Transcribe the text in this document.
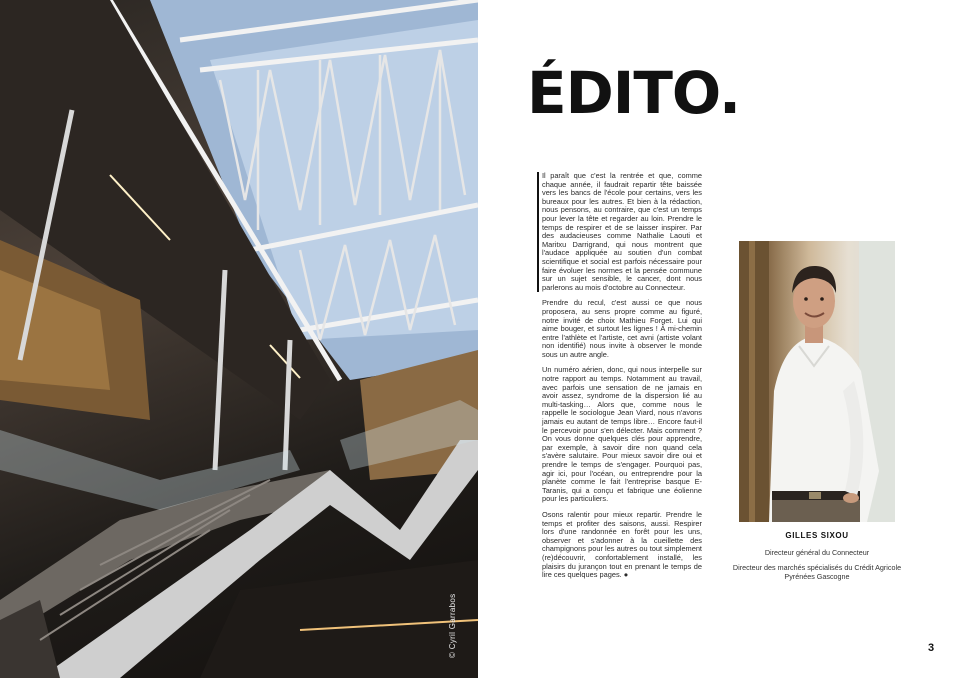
© Cyril Garrabos
ÉDITO.

Il paraît que c'est la rentrée et que, comme chaque année, il faudrait repartir tête baissée vers les bancs de l'école pour certains, vers les bureaux pour les autres. Et bien à la rédaction, nous pensons, au contraire, que c'est un temps pour lever la tête et regarder au loin. Prendre le temps de respirer et de se laisser inspirer. Par des audacieuses comme Nathalie Laouti et Maritxu Darrigrand, qui nous montrent que l'audace appliquée au soutien d'un combat scientifique et social est parfois nécessaire pour faire évoluer les normes et la pensée commune sur un sujet sensible, le cancer, dont nous parlerons au mois d'octobre au Connecteur.

Prendre du recul, c'est aussi ce que nous proposera, au sens propre comme au figuré, notre invité de choix Mathieu Forget. Lui qui aime bouger, et surtout les lignes ! À mi-chemin entre l'athlète et l'artiste, cet avni (artiste volant non identifié) nous invite à observer le monde sous un autre angle.

Un numéro aérien, donc, qui nous interpelle sur notre rapport au temps. Notamment au travail, avec parfois une sensation de ne jamais en avoir assez, syndrome de la dispersion lié au multi-tasking… Alors que, comme nous le rappelle le sociologue Jean Viard, nous n'avons jamais eu autant de temps libre… Encore faut-il le percevoir pour s'en délecter. Mais comment ? On vous donne quelques clés pour apprendre, par exemple, à savoir dire non quand cela s'avère salutaire. Pour mieux savoir dire oui et prendre le temps de s'engager. Pourquoi pas, agir ici, pour l'océan, ou entreprendre pour la planète comme le fait l'entreprise basque E-Taranis, qui a conçu et fabrique une éolienne pour les particuliers.

Osons ralentir pour mieux repartir. Prendre le temps et profiter des saisons, aussi. Respirer lors d'une randonnée en forêt pour les uns, observer et s'adonner à la cueillette des champignons pour les autres ou tout simplement (re)découvrir, confortablement installé, les plaisirs du jurançon tout en prenant le temps de lire ces quelques pages. ●

GILLES SIXOU
Directeur général du Connecteur
Directeur des marchés spécialisés du Crédit Agricole Pyrénées Gascogne
3
